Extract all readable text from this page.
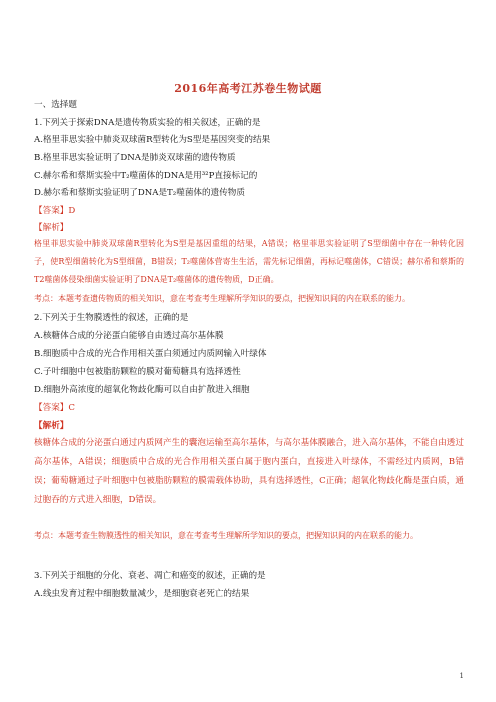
2016年高考江苏卷生物试题
一、选择题
1.下列关于探索DNA是遗传物质实验的相关叙述，正确的是
A.格里菲思实验中肺炎双球菌R型转化为S型是基因突变的结果
B.格里菲思实验证明了DNA是肺炎双球菌的遗传物质
C.赫尔希和蔡斯实验中T₂噬菌体的DNA是用³²P直接标记的
D.赫尔希和蔡斯实验证明了DNA是T₂噬菌体的遗传物质
【答案】D
【解析】
格里菲思实验中肺炎双球菌R型转化为S型是基因重组的结果，A错误；格里菲思实验证明了S型细菌中存在一种转化因子，使R型细菌转化为S型细菌，B错误；T₂噬菌体营寄生生活，需先标记细菌，再标记噬菌体，C错误；赫尔希和蔡斯的T2噬菌体侵染细菌实验证明了DNA是T₂噬菌体的遗传物质，D正确。
考点：本题考查遗传物质的相关知识，意在考查考生理解所学知识的要点，把握知识间的内在联系的能力。
2.下列关于生物膜透性的叙述，正确的是
A.核糖体合成的分泌蛋白能够自由透过高尔基体膜
B.细胞质中合成的光合作用相关蛋白须通过内质网输入叶绿体
C.子叶细胞中包被脂肪颗粒的膜对葡萄糖具有选择透性
D.细胞外高浓度的超氧化物歧化酶可以自由扩散进入细胞
【答案】C
【解析】
核糖体合成的分泌蛋白通过内质网产生的囊泡运输至高尔基体，与高尔基体膜融合，进入高尔基体，不能自由透过高尔基体，A错误；细胞质中合成的光合作用相关蛋白属于胞内蛋白，直接进入叶绿体，不需经过内质网，B错误；葡萄糖通过子叶细胞中包被脂肪颗粒的膜需载体协助，具有选择透性，C正确；超氧化物歧化酶是蛋白质，通过胞吞的方式进入细胞，D错误。
考点：本题考查生物膜透性的相关知识，意在考查考生理解所学知识的要点，把握知识间的内在联系的能力。
3.下列关于细胞的分化、衰老、凋亡和癌变的叙述，正确的是
A.线虫发育过程中细胞数量减少，是细胞衰老死亡的结果
1
